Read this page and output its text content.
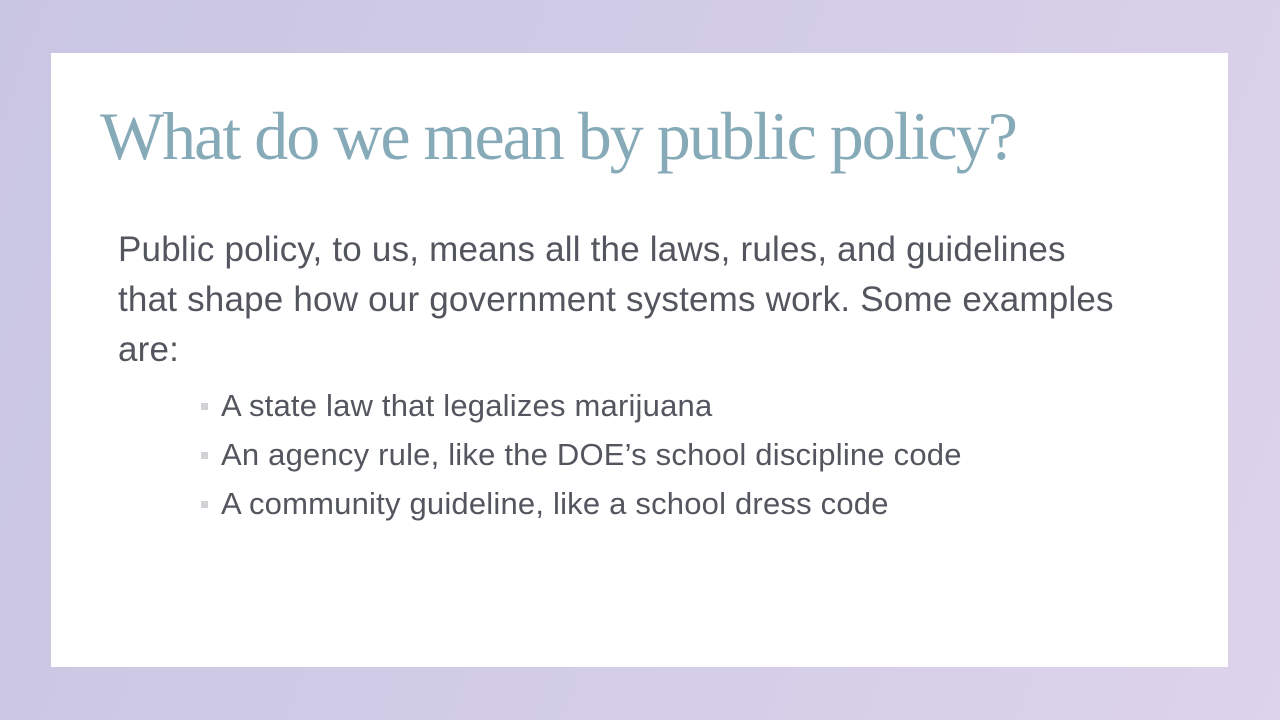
What do we mean by public policy?
Public policy, to us, means all the laws, rules, and guidelines
that shape how our government systems work. Some examples
are:
A state law that legalizes marijuana
An agency rule, like the DOE’s school discipline code
A community guideline, like a school dress code
